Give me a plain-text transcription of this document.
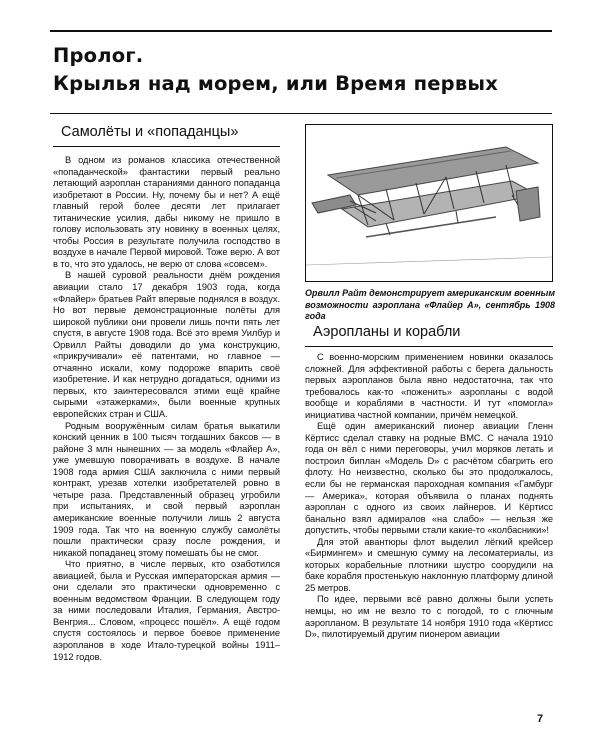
Пролог.
Крылья над морем, или Время первых
Самолёты и «попаданцы»

В одном из романов классика отечественной «попаданческой» фантастики первый реально летающий аэроплан стараниями данного попаданца изобретают в России. Ну, почему бы и нет? А ещё главный герой более десяти лет прилагает титанические усилия, дабы никому не пришло в голову использовать эту новинку в военных целях, чтобы Россия в результате получила господство в воздухе в начале Первой мировой. Тоже верю. А вот в то, что это удалось, не верю от слова «совсем».

В нашей суровой реальности днём рождения авиации стало 17 декабря 1903 года, когда «Флайер» братьев Райт впервые поднялся в воздух. Но вот первые демонстрационные полёты для широкой публики они провели лишь почти пять лет спустя, в августе 1908 года. Всё это время Уилбур и Орвилл Райты доводили до ума конструкцию, «прикручивали» её патентами, но главное — отчаянно искали, кому подороже впарить своё изобретение. И как нетрудно догадаться, одними из первых, кто заинтересовался этими ещё крайне сырыми «этажерками», были военные крупных европейских стран и США.

Родным вооружённым силам братья выкатили конский ценник в 100 тысяч тогдашних баксов — в районе 3 млн нынешних — за модель «Флайер А», уже умевшую поворачивать в воздухе. В начале 1908 года армия США заключила с ними первый контракт, урезав хотелки изобретателей ровно в четыре раза. Представленный образец угробили при испытаниях, и свой первый аэроплан американские военные получили лишь 2 августа 1909 года. Так что на военную службу самолёты пошли практически сразу после рождения, и никакой попаданец этому помешать бы не смог.

Что приятно, в числе первых, кто озаботился авиацией, была и Русская императорская армия — они сделали это практически одновременно с военным ведомством Франции. В следующем году за ними последовали Италия, Германия, Австро-Венгрия... Словом, «процесс пошёл». А ещё годом спустя состоялось и первое боевое применение аэропланов в ходе Итало-турецкой войны 1911–1912 годов.

Орвилл Райт демонстрирует американским военным возможности аэроплана «Флайер А», сентябрь 1908 года
Аэропланы и корабли

С военно-морским применением новинки оказалось сложней. Для эффективной работы с берега дальность первых аэропланов была явно недостаточна, так что требовалось как-то «поженить» аэропланы с водой вообще и кораблями в частности. И тут «помогла» инициатива частной компании, причём немецкой.

Ещё один американский пионер авиации Гленн Кёртисс сделал ставку на родные ВМС. С начала 1910 года он вёл с ними переговоры, учил моряков летать и построил биплан «Модель D» с расчётом сбагрить его флоту. Но неизвестно, сколько бы это продолжалось, если бы не германская пароходная компания «Гамбург — Америка», которая объявила о планах поднять аэроплан с одного из своих лайнеров. И Кёртисс банально взял адмиралов «на слабо» — нельзя же допустить, чтобы первыми стали какие-то «колбасники»!

Для этой авантюры флот выделил лёгкий крейсер «Бирмингем» и смешную сумму на лесоматериалы, из которых корабельные плотники шустро соорудили на баке корабля простенькую наклонную платформу длиной 25 метров.

По идее, первыми всё равно должны были успеть немцы, но им не везло то с погодой, то с глючным аэропланом. В результате 14 ноября 1910 года «Кёртисс D», пилотируемый другим пионером авиации

7
